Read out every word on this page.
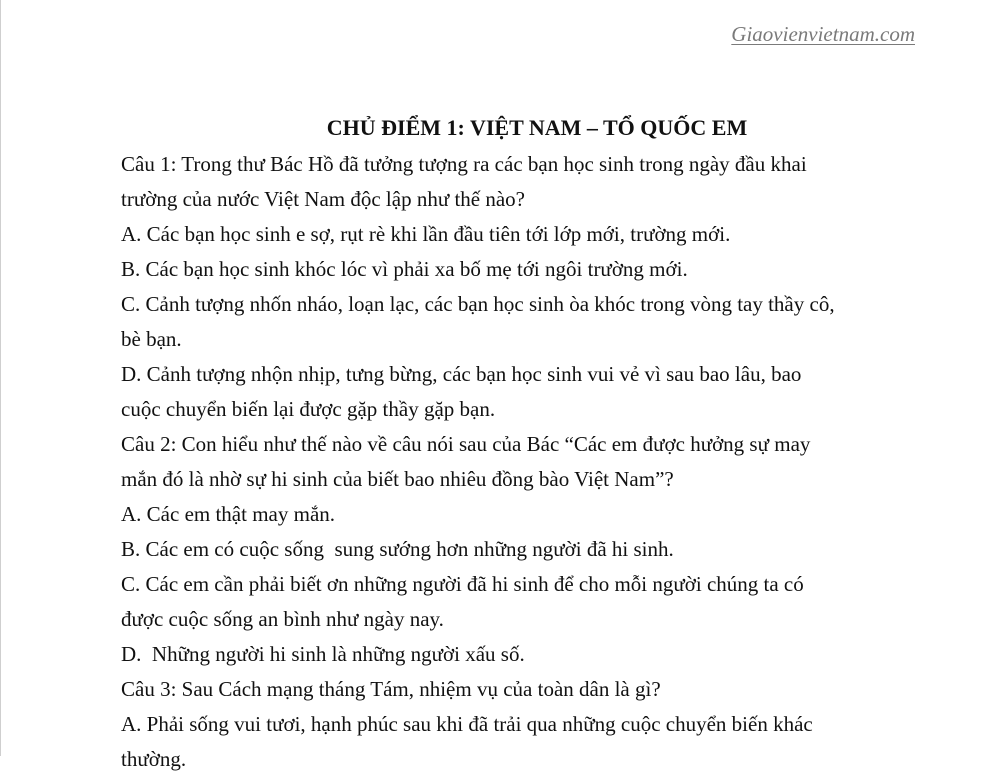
Giaovienvietnam.com
CHỦ ĐIỂM 1: VIỆT NAM – TỔ QUỐC EM

Câu 1: Trong thư Bác Hồ đã tưởng tượng ra các bạn học sinh trong ngày đầu khai

trường của nước Việt Nam độc lập như thế nào?

A. Các bạn học sinh e sợ, rụt rè khi lần đầu tiên tới lớp mới, trường mới.

B. Các bạn học sinh khóc lóc vì phải xa bố mẹ tới ngôi trường mới.

C. Cảnh tượng nhốn nháo, loạn lạc, các bạn học sinh òa khóc trong vòng tay thầy cô,

bè bạn.

D. Cảnh tượng nhộn nhịp, tưng bừng, các bạn học sinh vui vẻ vì sau bao lâu, bao

cuộc chuyển biến lại được gặp thầy gặp bạn.

Câu 2: Con hiểu như thế nào về câu nói sau của Bác “Các em được hưởng sự may

mắn đó là nhờ sự hi sinh của biết bao nhiêu đồng bào Việt Nam”?

A. Các em thật may mắn.

B. Các em có cuộc sống  sung sướng hơn những người đã hi sinh.

C. Các em cần phải biết ơn những người đã hi sinh để cho mỗi người chúng ta có

được cuộc sống an bình như ngày nay.

D.  Những người hi sinh là những người xấu số.

Câu 3: Sau Cách mạng tháng Tám, nhiệm vụ của toàn dân là gì?

A. Phải sống vui tươi, hạnh phúc sau khi đã trải qua những cuộc chuyển biến khác

thường.
